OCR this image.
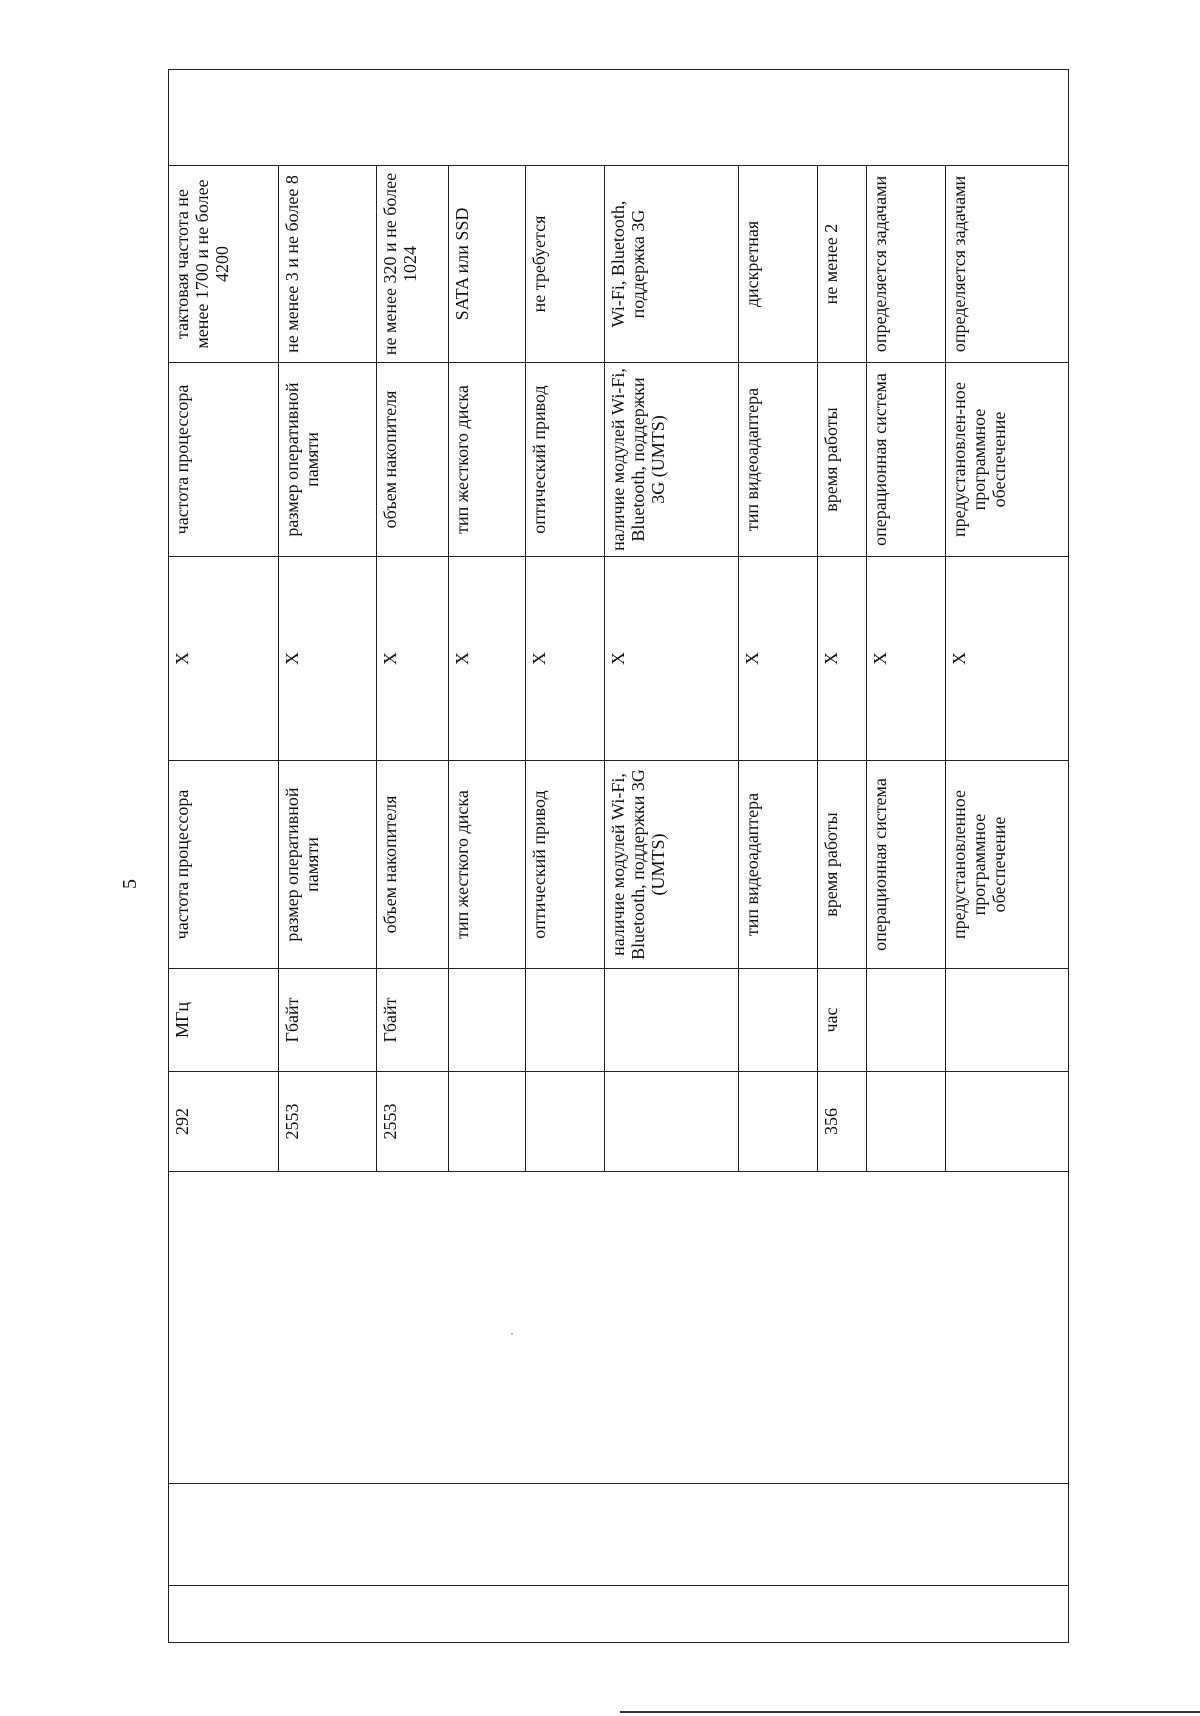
5
			292	МГц	частота процессора	Х	частота процессора	тактовая частота не менее 1700 и не более 4200	
			2553	Гбайт	размер оперативной памяти	Х	размер оперативной памяти	не менее 3 и не более 8	
			2553	Гбайт	объем накопителя	Х	объем накопителя	не менее 320 и не более 1024	
					тип жесткого диска	Х	тип жесткого диска	SATA или SSD	
					оптический привод	Х	оптический привод	не требуется	
					наличие модулей Wi-Fi, Bluetooth, поддержки 3G (UMTS)	Х	наличие модулей Wi-Fi, Bluetooth, поддержки 3G (UMTS)	Wi-Fi, Bluetooth, поддержка 3G	
					тип видеоадаптера	Х	тип видеоадаптера	дискретная	
			356	час	время работы	Х	время работы	не менее 2	
					операционная система	Х	операционная система	определяется задачами	
					предустановленное программное обеспечение	Х	предустановлен-ное программное обеспечение	определяется задачами	
